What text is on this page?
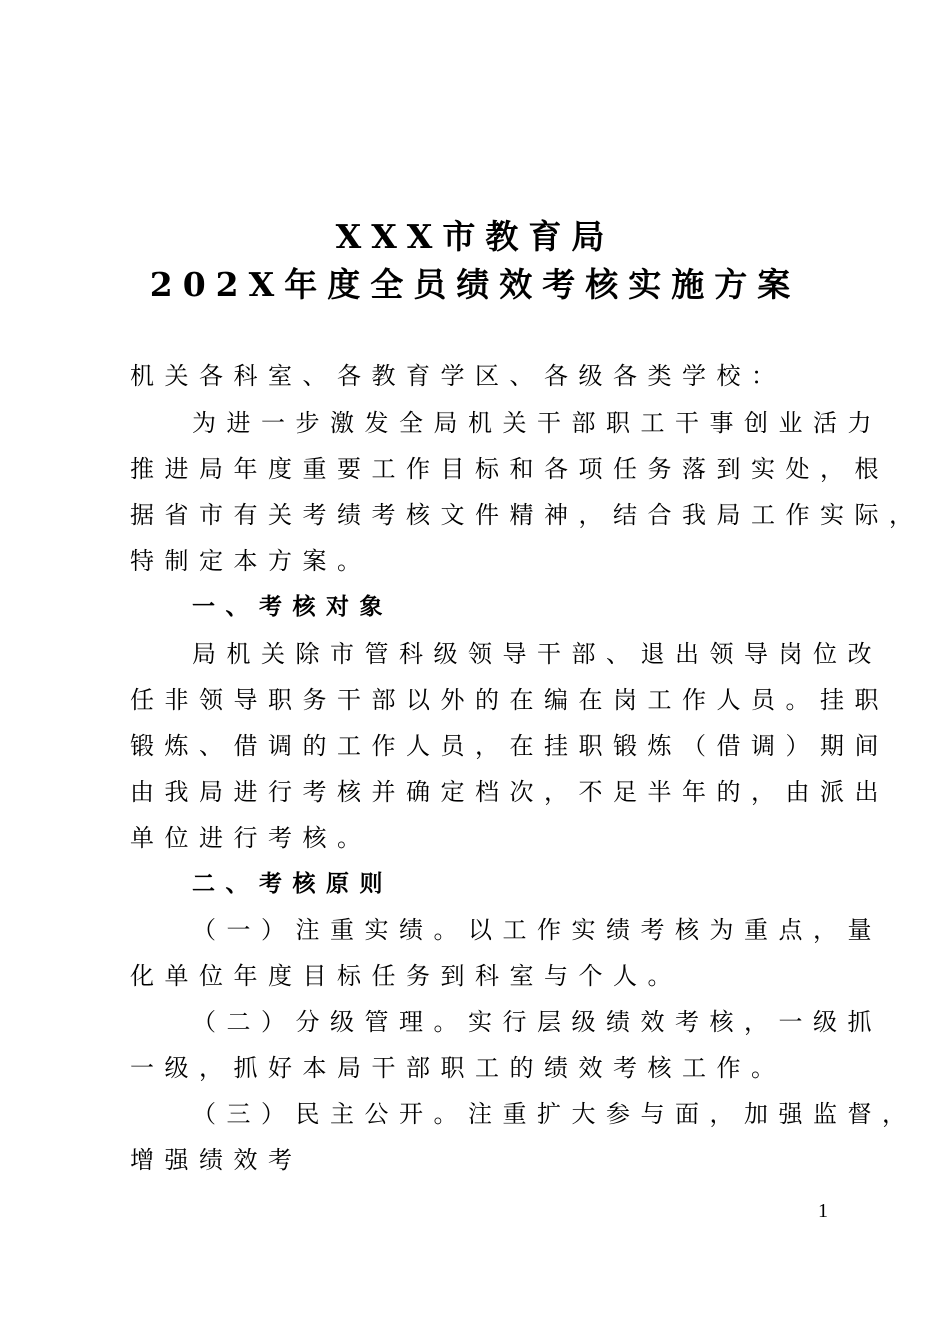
XXX市教育局
202X年度全员绩效考核实施方案
机关各科室、各教育学区、各级各类学校：
为进一步激发全局机关干部职工干事创业活力
推进局年度重要工作目标和各项任务落到实处，根
据省市有关考绩考核文件精神，结合我局工作实际，
特制定本方案。
一、考核对象
局机关除市管科级领导干部、退出领导岗位改
任非领导职务干部以外的在编在岗工作人员。挂职
锻炼、借调的工作人员，在挂职锻炼（借调）期间
由我局进行考核并确定档次，不足半年的，由派出
单位进行考核。
二、考核原则
（一）注重实绩。以工作实绩考核为重点，量
化单位年度目标任务到科室与个人。
（二）分级管理。实行层级绩效考核，一级抓
一级，抓好本局干部职工的绩效考核工作。
（三）民主公开。注重扩大参与面，加强监督，
增强绩效考
1
